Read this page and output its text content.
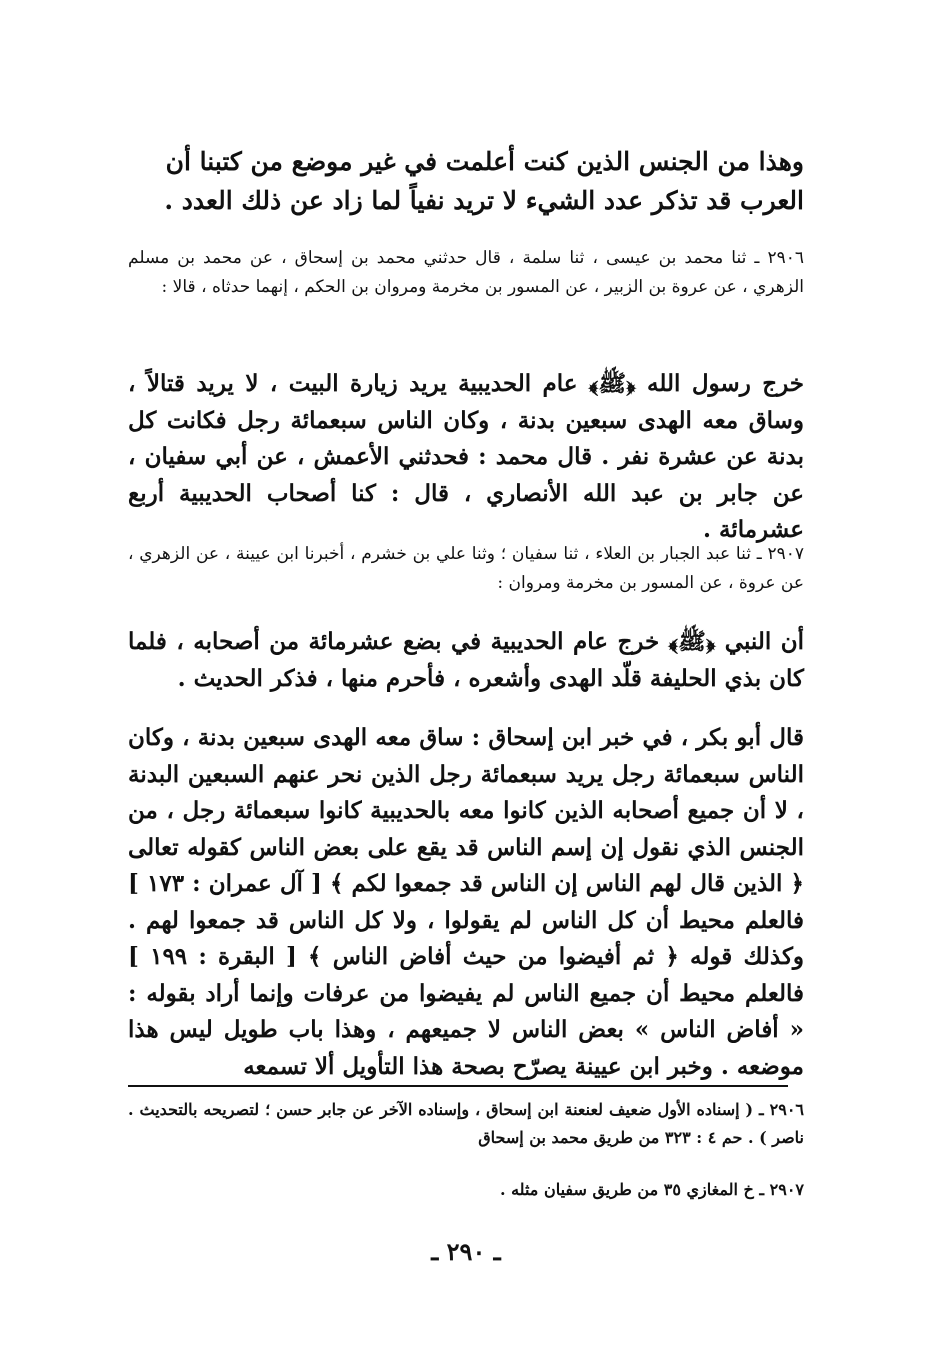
وهذا من الجنس الذين كنت أعلمت في غير موضع من كتبنا أن
العرب قد تذكر عدد الشيء لا تريد نفياً لما زاد عن ذلك العدد .
٢٩٠٦ ـ ثنا محمد بن عيسى ، ثنا سلمة ، قال حدثني محمد بن إسحاق ، عن محمد بن مسلم الزهري ، عن عروة بن الزبير ، عن المسور بن مخرمة ومروان بن الحكم ، إنهما حدثاه ، قالا :
خرج رسول الله ﴿ﷺ﴾ عام الحديبية يريد زيارة البيت ، لا يريد قتالاً ، وساق معه الهدى سبعين بدنة ، وكان الناس سبعمائة رجل فكانت كل بدنة عن عشرة نفر . قال محمد : فحدثني الأعمش ، عن أبي سفيان ، عن جابر بن عبد الله الأنصاري ، قال : كنا أصحاب الحديبية أربع عشرمائة .
٢٩٠٧ ـ ثنا عبد الجبار بن العلاء ، ثنا سفيان ؛ وثنا علي بن خشرم ، أخبرنا ابن عيينة ، عن الزهري ، عن عروة ، عن المسور بن مخرمة ومروان :
أن النبي ﴿ﷺ﴾ خرج عام الحديبية في بضع عشرمائة من أصحابه ، فلما كان بذي الحليفة قلّد الهدى وأشعره ، فأحرم منها ، فذكر الحديث .
قال أبو بكر ، في خبر ابن إسحاق : ساق معه الهدى سبعين بدنة ، وكان الناس سبعمائة رجل يريد سبعمائة رجل الذين نحر عنهم السبعين البدنة ، لا أن جميع أصحابه الذين كانوا معه بالحديبية كانوا سبعمائة رجل ، من الجنس الذي نقول إن إسم الناس قد يقع على بعض الناس كقوله تعالى ﴿ الذين قال لهم الناس إن الناس قد جمعوا لكم ﴾ [ آل عمران : ١٧٣ ] فالعلم محيط أن كل الناس لم يقولوا ، ولا كل الناس قد جمعوا لهم . وكذلك قوله ﴿ ثم أفيضوا من حيث أفاض الناس ﴾ [ البقرة : ١٩٩ ] فالعلم محيط أن جميع الناس لم يفيضوا من عرفات وإنما أراد بقوله : « أفاض الناس » بعض الناس لا جميعهم ، وهذا باب طويل ليس هذا موضعه . وخبر ابن عيينة يصرّح بصحة هذا التأويل ألا تسمعه
٢٩٠٦ ـ ( إسناده الأول ضعيف لعنعنة ابن إسحاق ، وإسناده الآخر عن جابر حسن ؛ لتصريحه بالتحديث . ناصر ) . حم ٤ : ٣٢٣ من طريق محمد بن إسحاق
٢٩٠٧ ـ خ المغازي ٣٥ من طريق سفيان مثله .
ـ ٢٩٠ ـ
